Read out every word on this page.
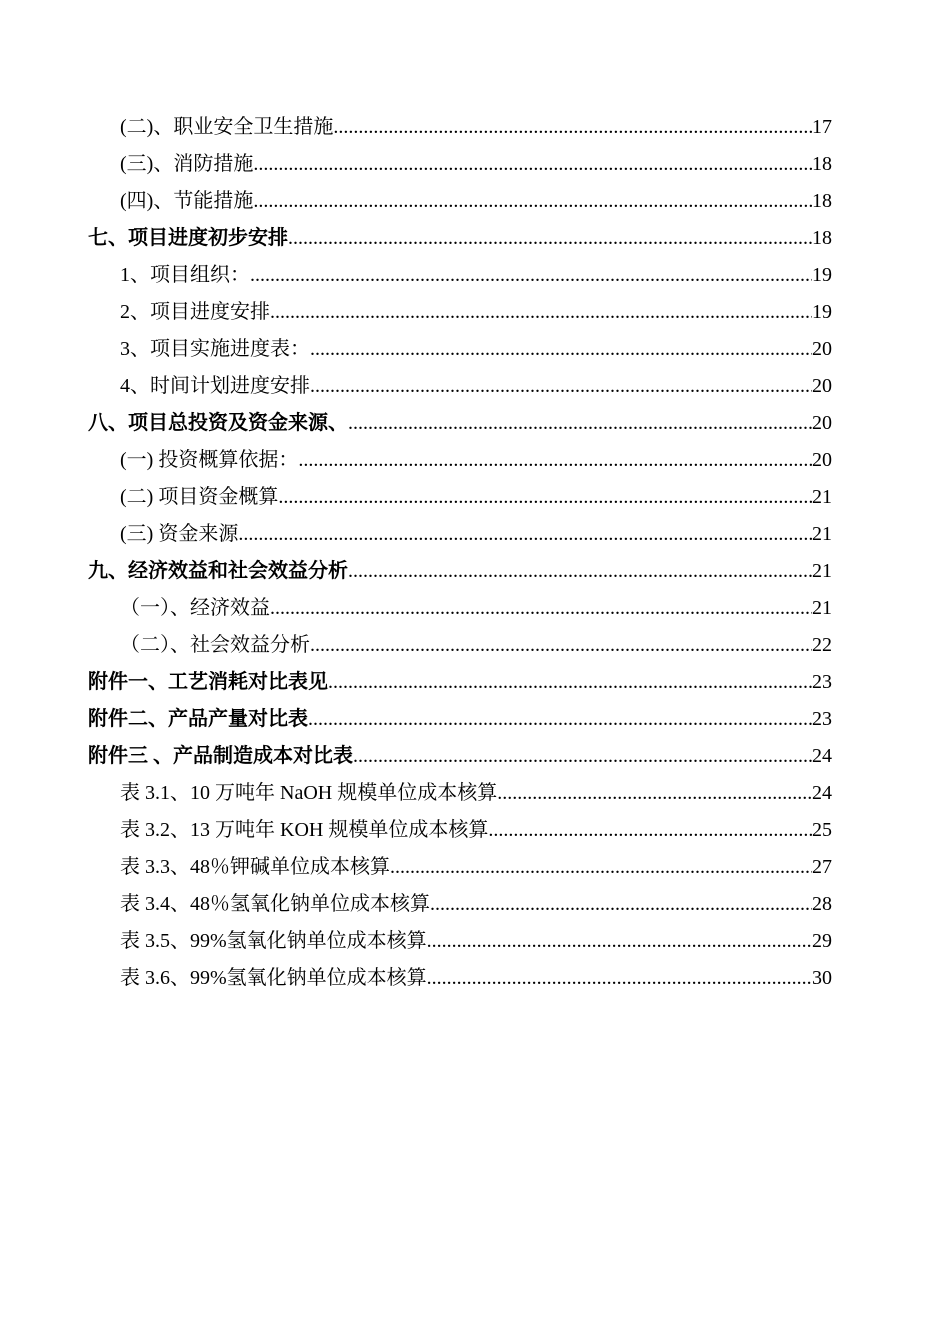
(二)、职业安全卫生措施 .....	17
(三)、消防措施 .....	18
(四)、节能措施 .....	18
七、项目进度初步安排 .....	18
1、项目组织： .....	19
2、项目进度安排 .....	19
3、项目实施进度表： .....	20
4、时间计划进度安排 .....	20
八、项目总投资及资金来源、 .....	20
(一) 投资概算依据： .....	20
(二) 项目资金概算 .....	21
(三) 资金来源 .....	21
九、经济效益和社会效益分析 .....	21
（一）、经济效益 .....	21
（二）、社会效益分析 .....	22
附件一、工艺消耗对比表见 .....	23
附件二、产品产量对比表 .....	23
附件三 、产品制造成本对比表 .....	24
表 3.1、10 万吨年 NaOH 规模单位成本核算 .....	24
表 3.2、13 万吨年 KOH 规模单位成本核算 .....	25
表 3.3、48％钾碱单位成本核算 .....	27
表 3.4、48％氢氧化钠单位成本核算 .....	28
表 3.5、99%氢氧化钠单位成本核算 .....	29
表 3.6、99%氢氧化钠单位成本核算 .....	30
